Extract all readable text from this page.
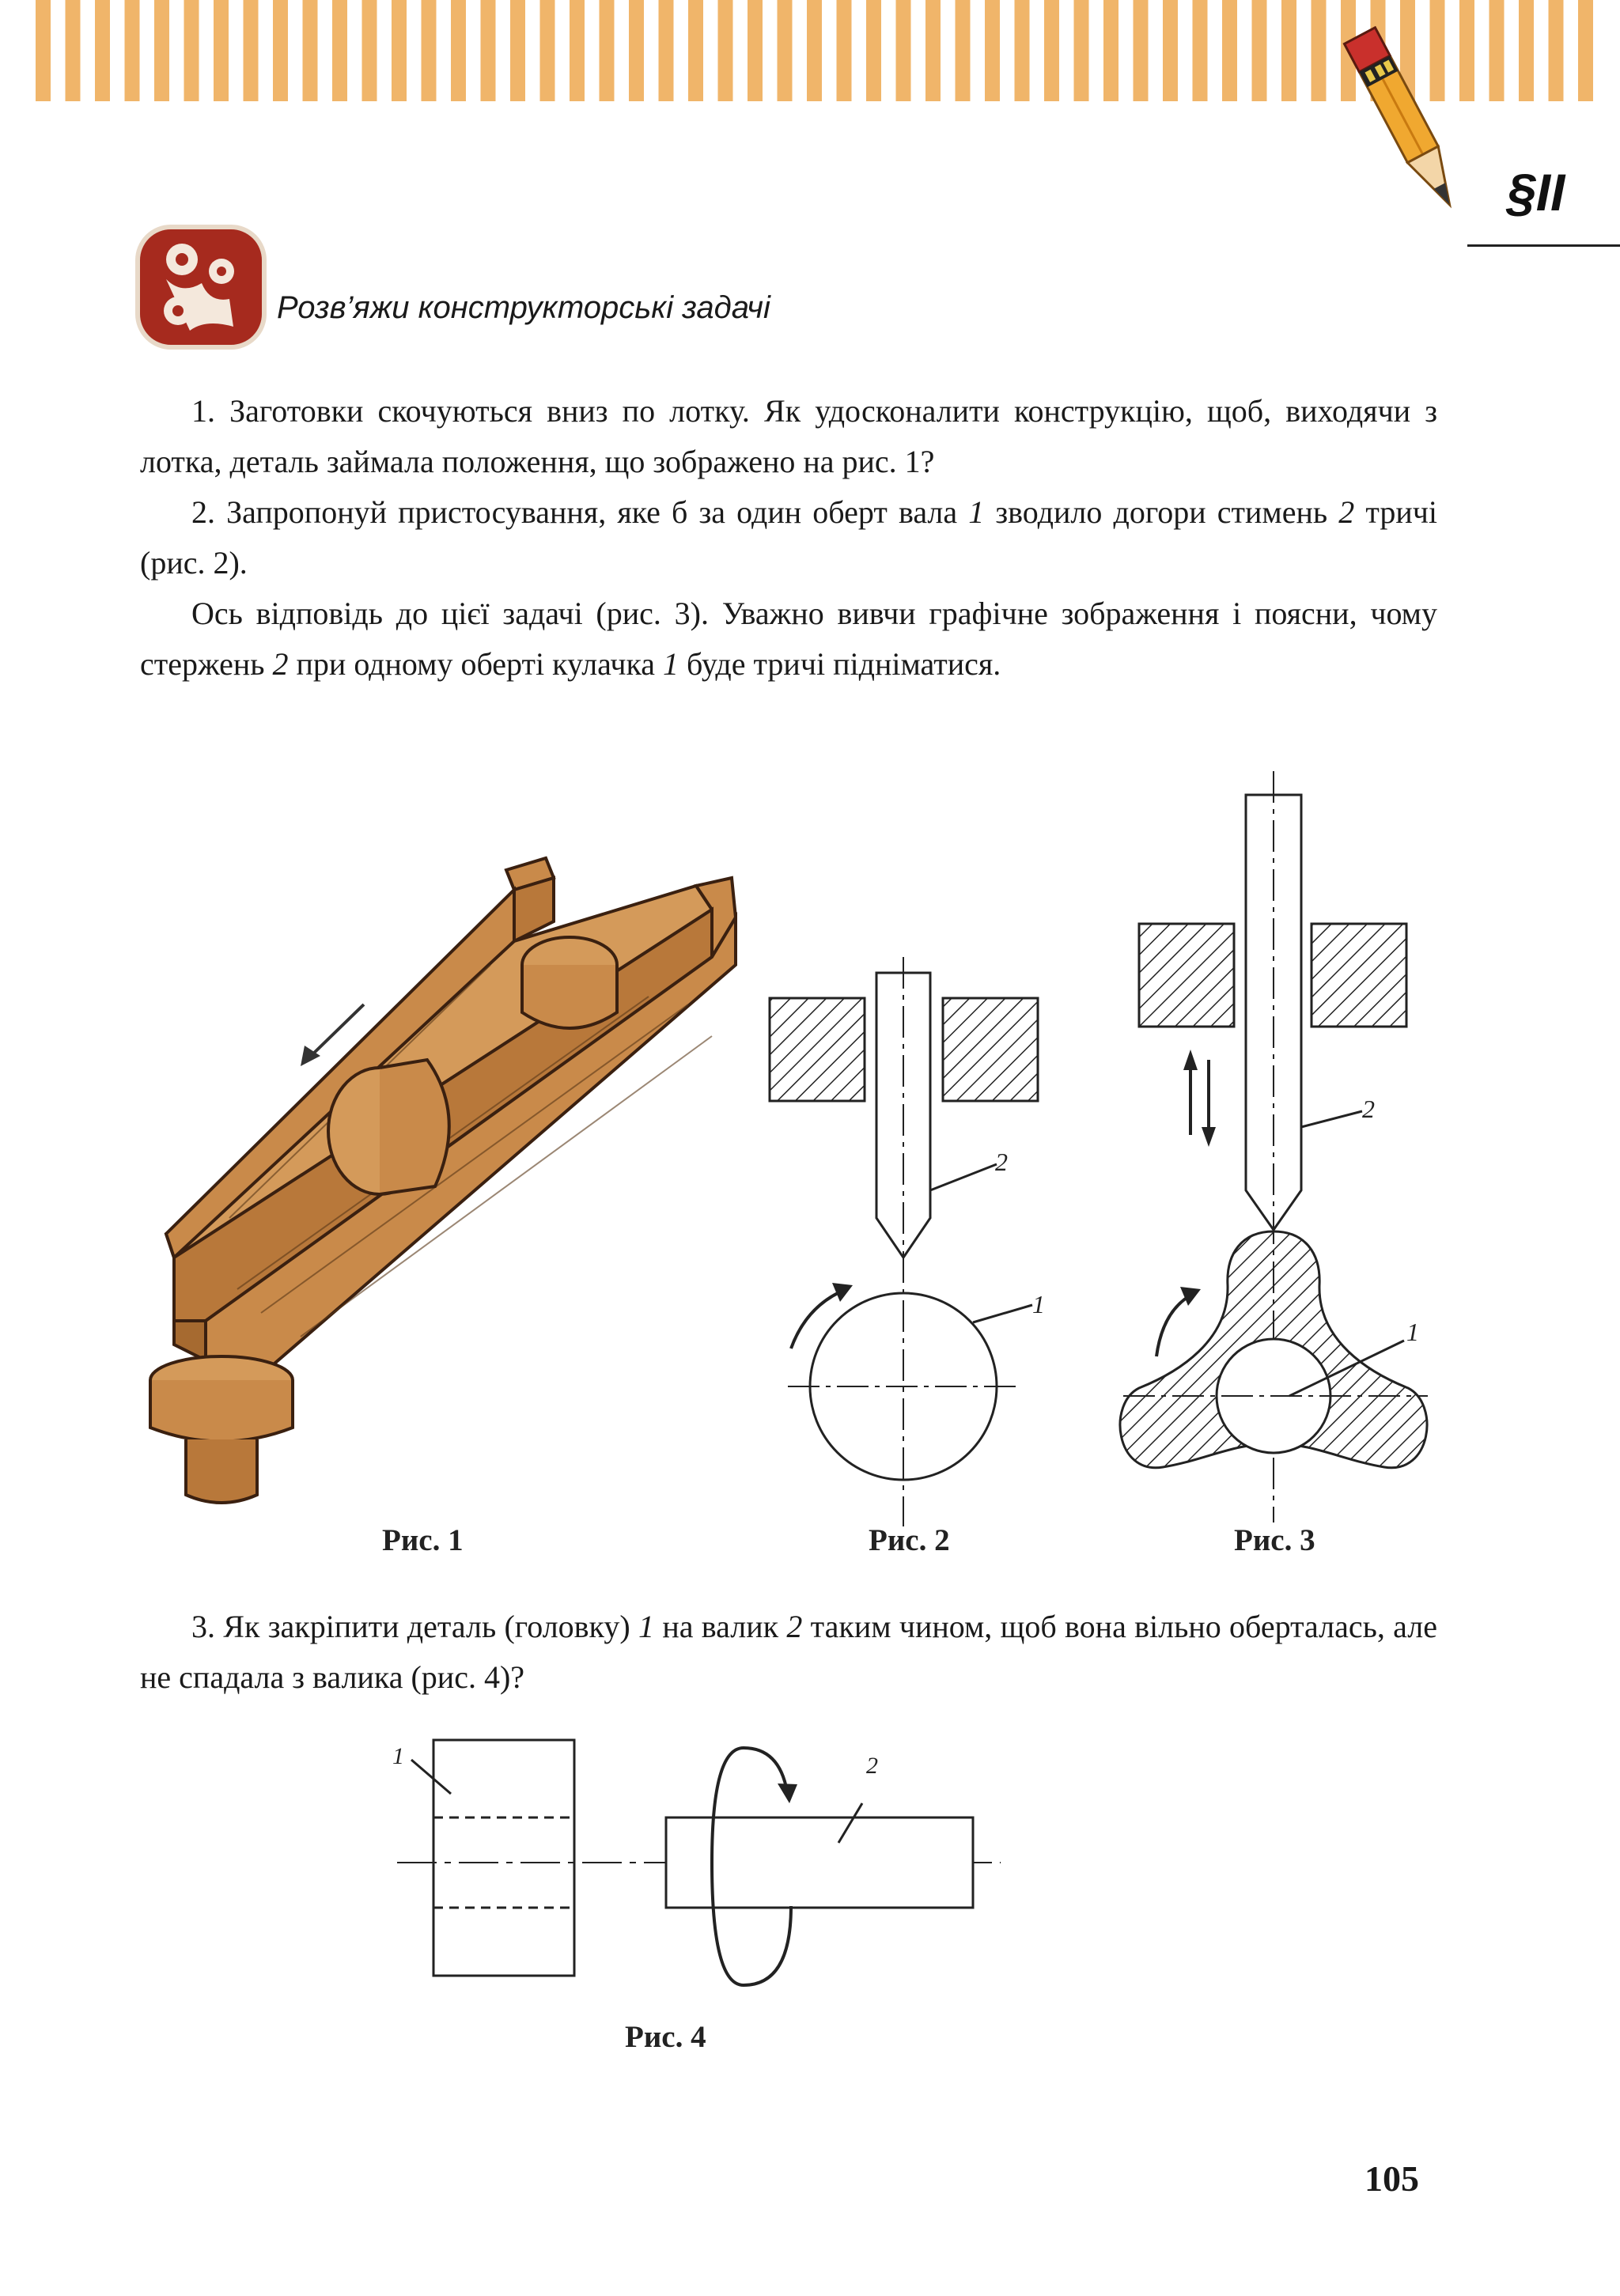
§II
Розв’яжи конструкторські задачі

1. Заготовки скочуються вниз по лотку. Як удосконалити конструкцію, щоб, виходячи з лотка, деталь займала положення, що зображено на рис. 1?

2. Запропонуй пристосування, яке б за один оберт вала 1 зводило догори стимень 2 тричі (рис. 2).

Ось відповідь до цієї задачі (рис. 3). Уважно вивчи графічне зображення і поясни, чому стержень 2 при одному оберті кулачка 1 буде тричі підніматися.

Рис. 1
2
1
Рис. 2
2
1
Рис. 3

3. Як закріпити деталь (головку) 1 на валик 2 таким чином, щоб вона вільно оберталась, але не спадала з валика (рис. 4)?

1	2
Рис. 4
105
